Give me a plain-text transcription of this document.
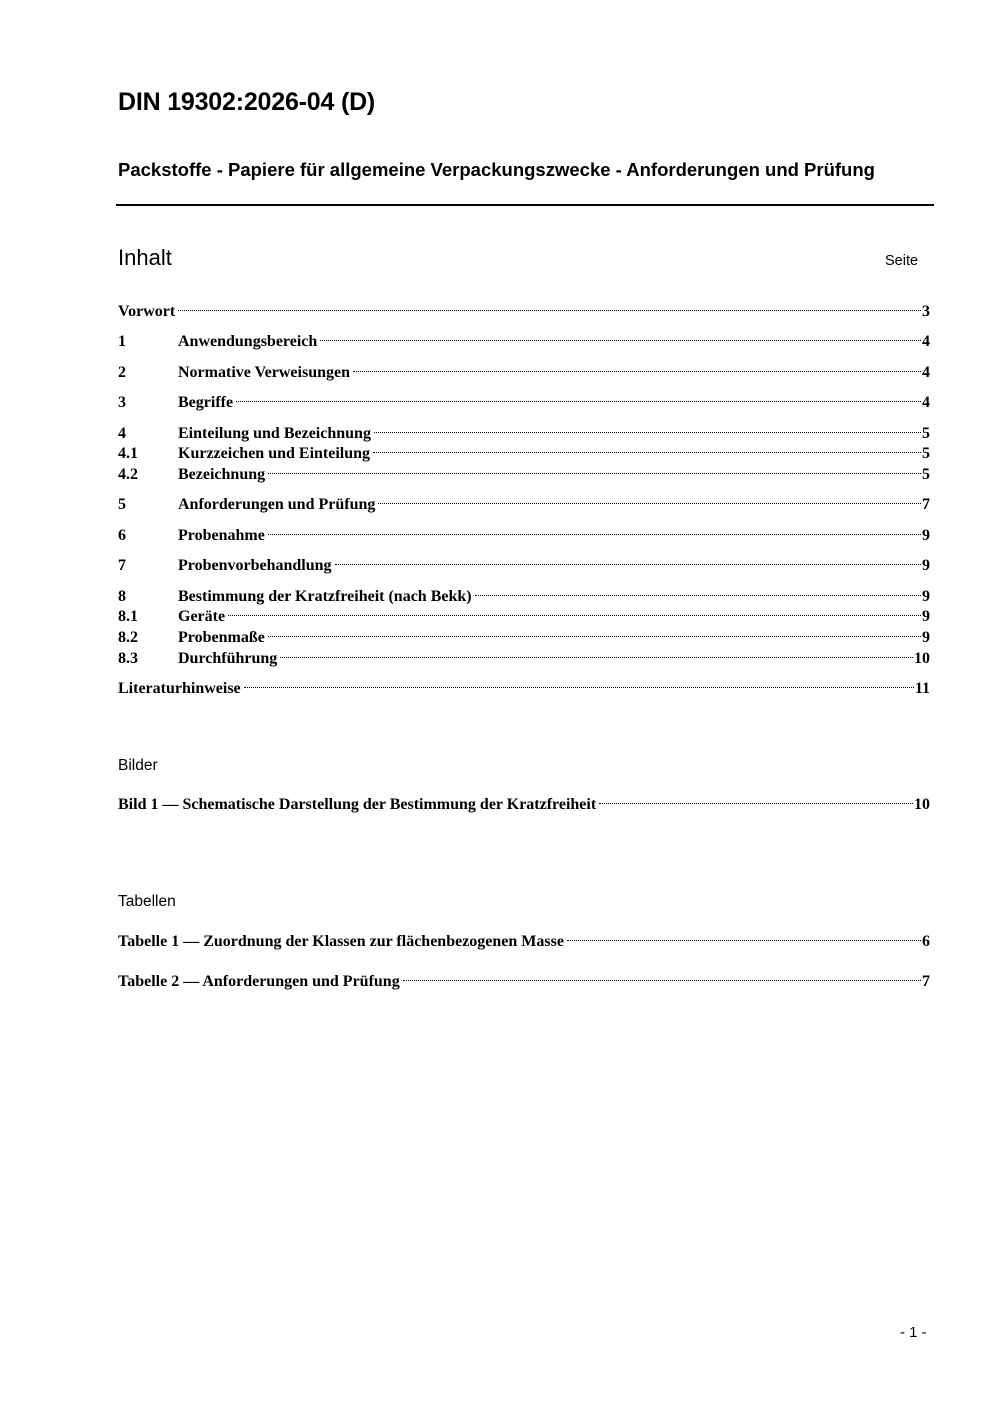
DIN 19302:2026-04 (D)
Packstoffe - Papiere für allgemeine Verpackungszwecke - Anforderungen und Prüfung
Inhalt	Seite
Vorwort	3
1	Anwendungsbereich	4
2	Normative Verweisungen	4
3	Begriffe	4
4	Einteilung und Bezeichnung	5
4.1	Kurzzeichen und Einteilung	5
4.2	Bezeichnung	5
5	Anforderungen und Prüfung	7
6	Probenahme	9
7	Probenvorbehandlung	9
8	Bestimmung der Kratzfreiheit (nach Bekk)	9
8.1	Geräte	9
8.2	Probenmaße	9
8.3	Durchführung	10
Literaturhinweise	11
Bilder
Bild 1 — Schematische Darstellung der Bestimmung der Kratzfreiheit	10
Tabellen
Tabelle 1 — Zuordnung der Klassen zur flächenbezogenen Masse	6
Tabelle 2 — Anforderungen und Prüfung	7
- 1 -
